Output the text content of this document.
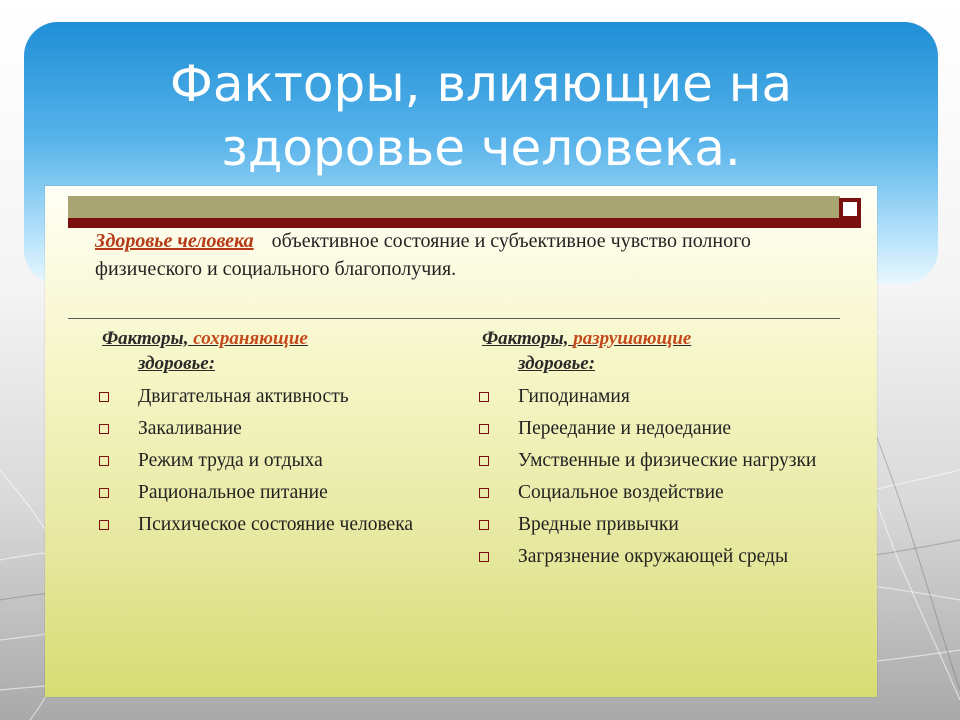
Факторы, влияющие на
здоровье человека.
Здоровье человека объективное состояние и субъективное чувство полного физического и социального благополучия.
Факторы, сохраняющие
здоровье:
Факторы, разрушающие
здоровье:
Двигательная активность
Закаливание
Режим труда и отдыха
Рациональное питание
Психическое состояние человека
Гиподинамия
Переедание и недоедание
Умственные и физические нагрузки
Социальное воздействие
Вредные привычки
Загрязнение окружающей среды
